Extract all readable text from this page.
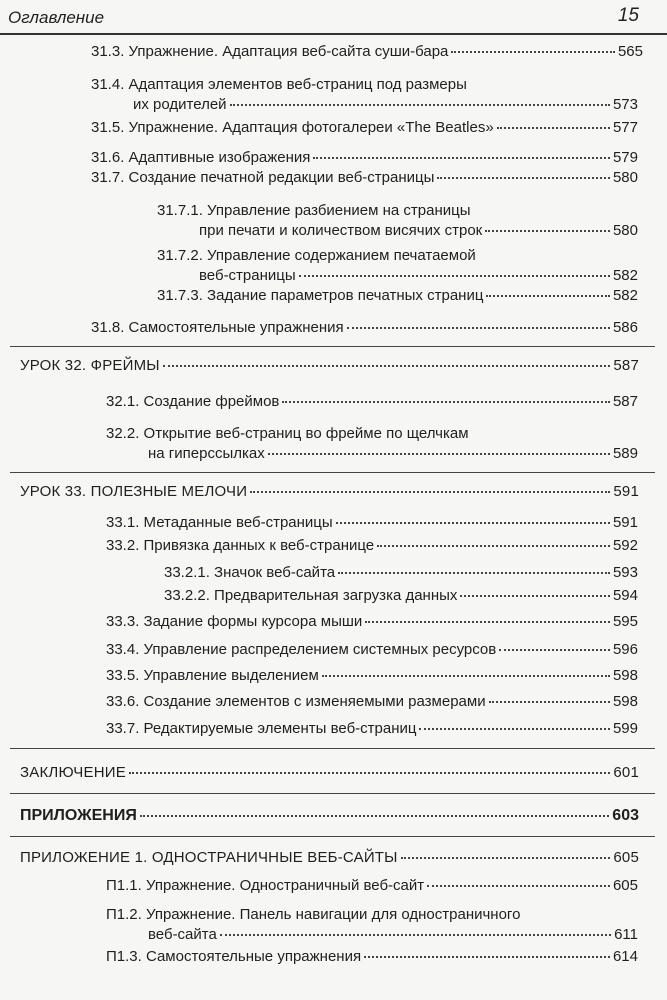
Оглавление	15
31.3. Упражнение. Адаптация веб-сайта суши-бара	565
31.4. Адаптация элементов веб-страниц под размеры
их родителей	573
31.5. Упражнение. Адаптация фотогалереи «The Beatles»	577
31.6. Адаптивные изображения	579
31.7. Создание печатной редакции веб-страницы	580
31.7.1. Управление разбиением на страницы
при печати и количеством висячих строк	580
31.7.2. Управление содержанием печатаемой
веб-страницы	582
31.7.3. Задание параметров печатных страниц	582
31.8. Самостоятельные упражнения	586
УРОК 32. ФРЕЙМЫ	587
32.1. Создание фреймов	587
32.2. Открытие веб-страниц во фрейме по щелчкам
на гиперссылках	589
УРОК 33. ПОЛЕЗНЫЕ МЕЛОЧИ	591
33.1. Метаданные веб-страницы	591
33.2. Привязка данных к веб-странице	592
33.2.1. Значок веб-сайта	593
33.2.2. Предварительная загрузка данных	594
33.3. Задание формы курсора мыши	595
33.4. Управление распределением системных ресурсов	596
33.5. Управление выделением	598
33.6. Создание элементов с изменяемыми размерами	598
33.7. Редактируемые элементы веб-страниц	599
ЗАКЛЮЧЕНИЕ	601
ПРИЛОЖЕНИЯ	603
ПРИЛОЖЕНИЕ 1. ОДНОСТРАНИЧНЫЕ ВЕБ-САЙТЫ	605
П1.1. Упражнение. Одностраничный веб-сайт	605
П1.2. Упражнение. Панель навигации для одностраничного
веб-сайта	611
П1.3. Самостоятельные упражнения	614
